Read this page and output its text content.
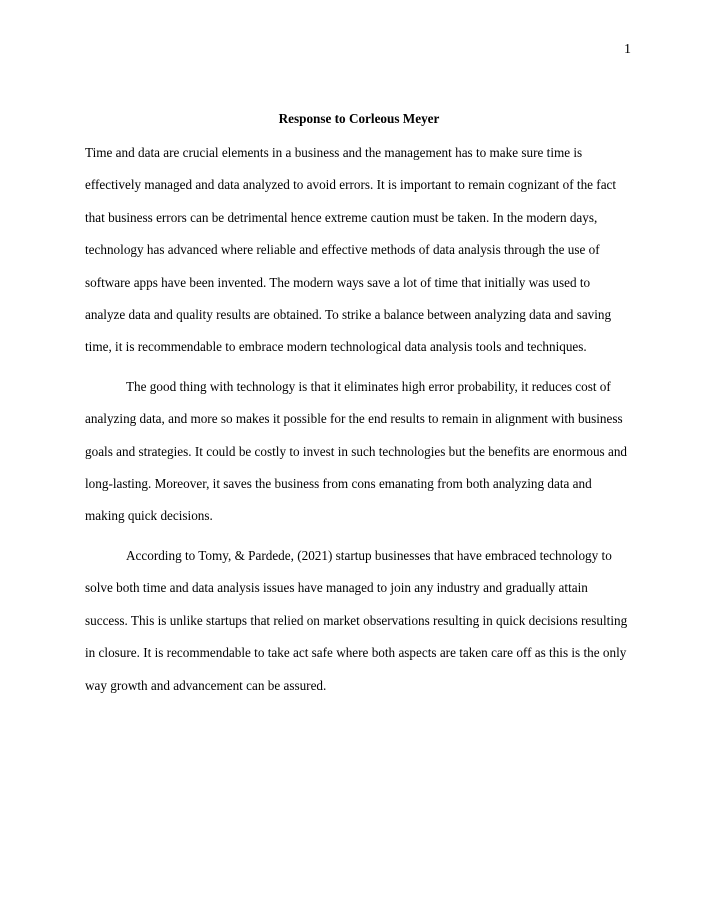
1

Response to Corleous Meyer

Time and data are crucial elements in a business and the management has to make sure time is effectively managed and data analyzed to avoid errors. It is important to remain cognizant of the fact that business errors can be detrimental hence extreme caution must be taken. In the modern days, technology has advanced where reliable and effective methods of data analysis through the use of software apps have been invented. The modern ways save a lot of time that initially was used to analyze data and quality results are obtained. To strike a balance between analyzing data and saving time, it is recommendable to embrace modern technological data analysis tools and techniques.

The good thing with technology is that it eliminates high error probability, it reduces cost of analyzing data, and more so makes it possible for the end results to remain in alignment with business goals and strategies. It could be costly to invest in such technologies but the benefits are enormous and long-lasting. Moreover, it saves the business from cons emanating from both analyzing data and making quick decisions.

According to Tomy, & Pardede, (2021) startup businesses that have embraced technology to solve both time and data analysis issues have managed to join any industry and gradually attain success. This is unlike startups that relied on market observations resulting in quick decisions resulting in closure. It is recommendable to take act safe where both aspects are taken care off as this is the only way growth and advancement can be assured.
